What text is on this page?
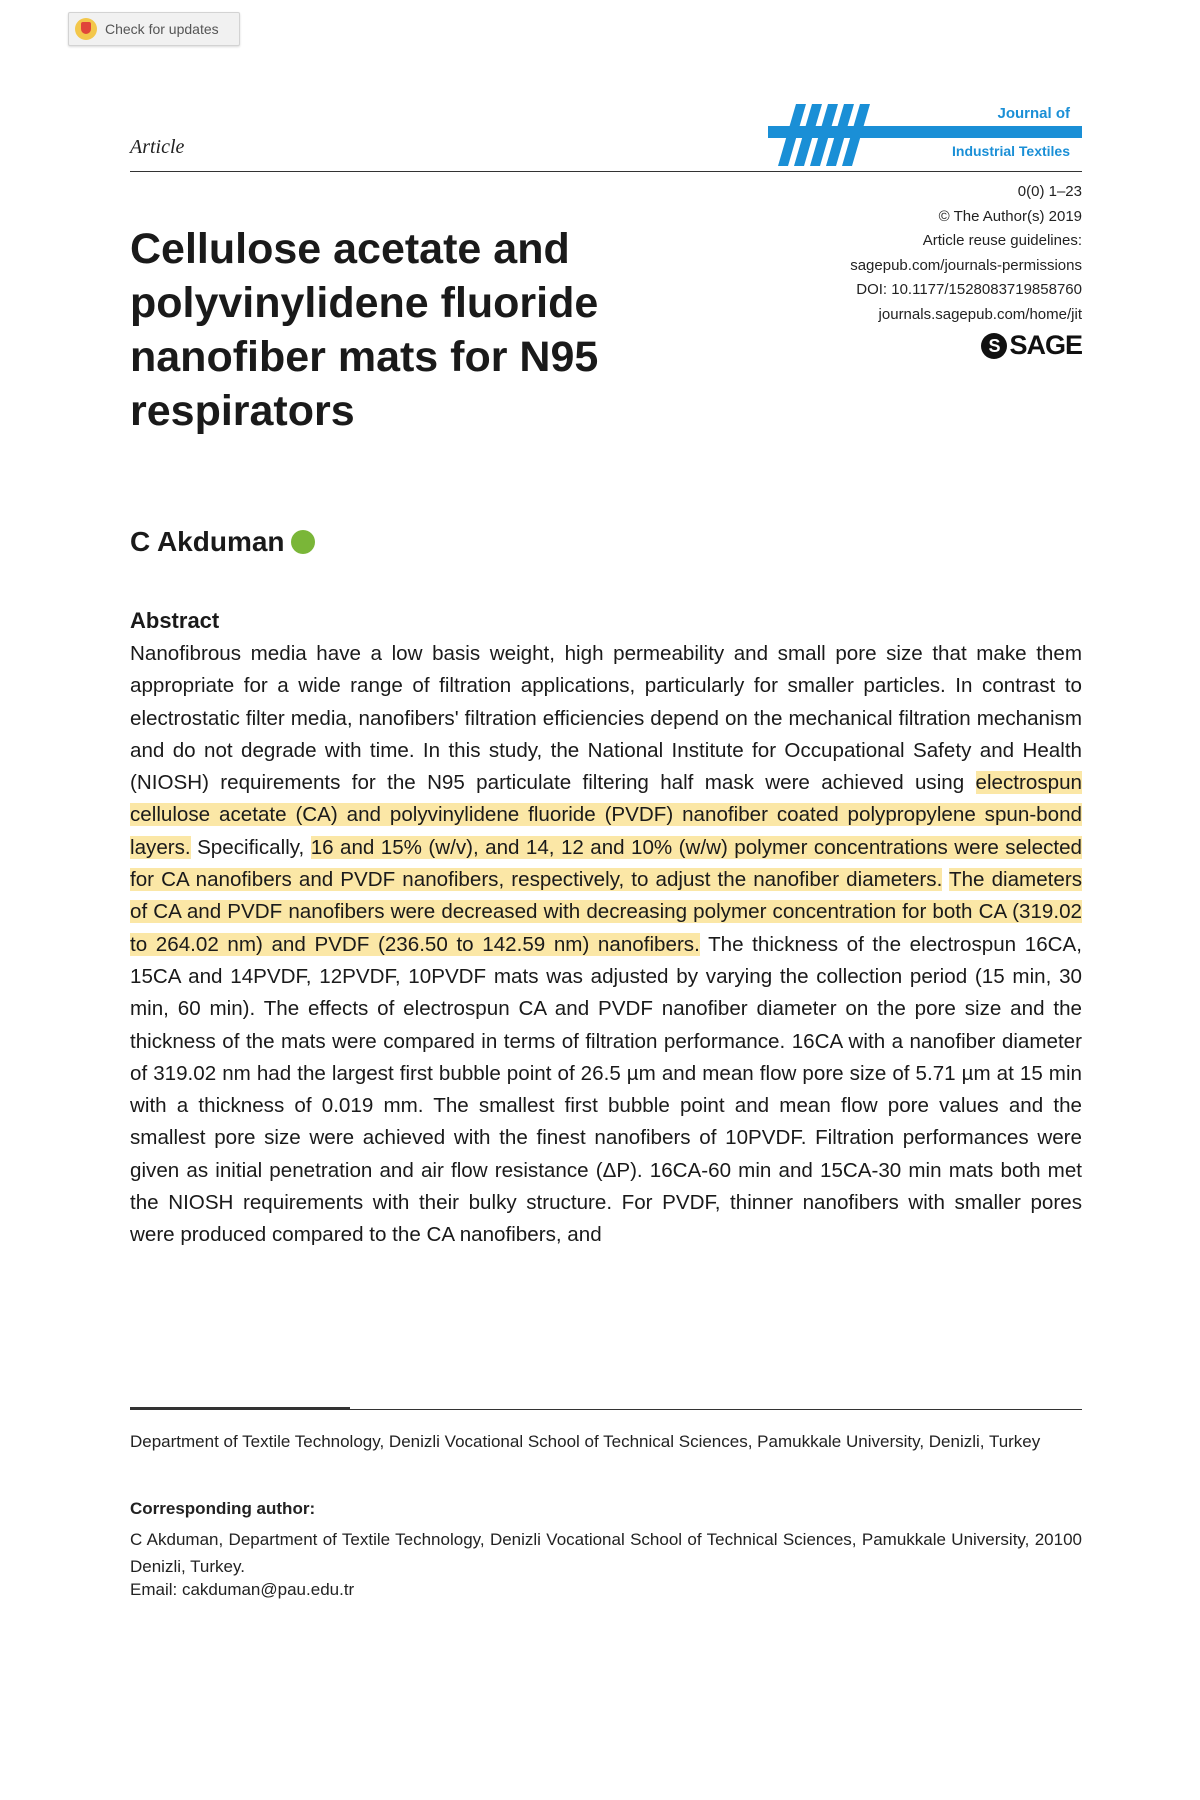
Check for updates
Article
Journal of
Industrial Textiles
0(0) 1–23
© The Author(s) 2019
Article reuse guidelines:
sagepub.com/journals-permissions
DOI: 10.1177/1528083719858760
journals.sagepub.com/home/jit
S SAGE
Cellulose acetate and polyvinylidene fluoride nanofiber mats for N95 respirators
C Akduman
Abstract

Nanofibrous media have a low basis weight, high permeability and small pore size that make them appropriate for a wide range of filtration applications, particularly for smaller particles. In contrast to electrostatic filter media, nanofibers' filtration efficiencies depend on the mechanical filtration mechanism and do not degrade with time. In this study, the National Institute for Occupational Safety and Health (NIOSH) requirements for the N95 particulate filtering half mask were achieved using electrospun cellulose acetate (CA) and polyvinylidene fluoride (PVDF) nanofiber coated polypropylene spun-bond layers. Specifically, 16 and 15% (w/v), and 14, 12 and 10% (w/w) polymer concentrations were selected for CA nanofibers and PVDF nanofibers, respectively, to adjust the nanofiber diameters. The diameters of CA and PVDF nanofibers were decreased with decreasing polymer concentration for both CA (319.02 to 264.02 nm) and PVDF (236.50 to 142.59 nm) nanofibers. The thickness of the electrospun 16CA, 15CA and 14PVDF, 12PVDF, 10PVDF mats was adjusted by varying the collection period (15 min, 30 min, 60 min). The effects of electrospun CA and PVDF nanofiber diameter on the pore size and the thickness of the mats were compared in terms of filtration performance. 16CA with a nanofiber diameter of 319.02 nm had the largest first bubble point of 26.5 µm and mean flow pore size of 5.71 µm at 15 min with a thickness of 0.019 mm. The smallest first bubble point and mean flow pore values and the smallest pore size were achieved with the finest nanofibers of 10PVDF. Filtration performances were given as initial penetration and air flow resistance (ΔP). 16CA-60 min and 15CA-30 min mats both met the NIOSH requirements with their bulky structure. For PVDF, thinner nanofibers with smaller pores were produced compared to the CA nanofibers, and

Department of Textile Technology, Denizli Vocational School of Technical Sciences, Pamukkale University, Denizli, Turkey

Corresponding author:

C Akduman, Department of Textile Technology, Denizli Vocational School of Technical Sciences, Pamukkale University, 20100 Denizli, Turkey.

Email: cakduman@pau.edu.tr
